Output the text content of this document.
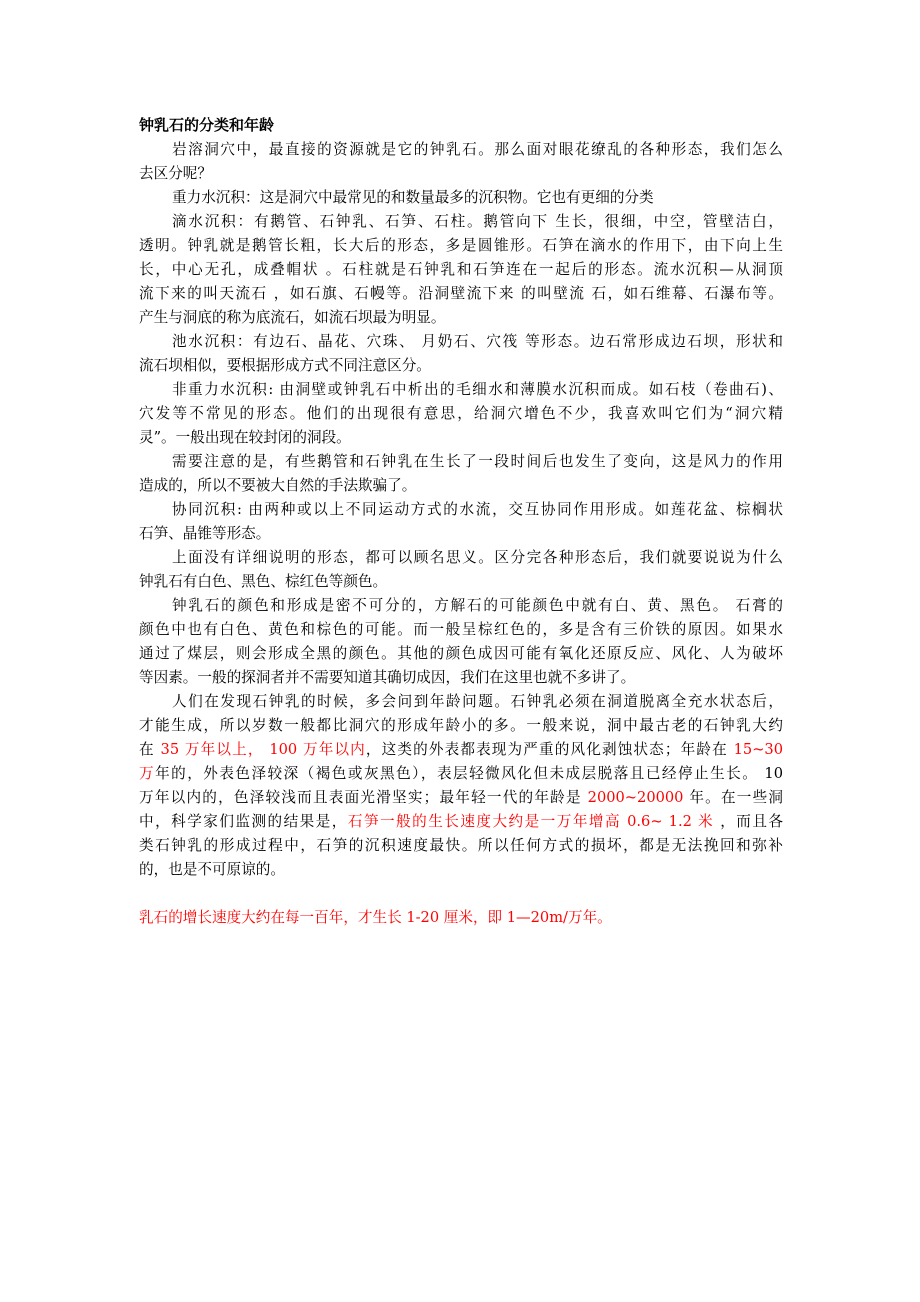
钟乳石的分类和年龄
岩溶洞穴中，最直接的资源就是它的钟乳石。那么面对眼花缭乱的各种形态，我们怎么
去区分呢？
重力水沉积：这是洞穴中最常见的和数量最多的沉积物。它也有更细的分类
滴水沉积：有鹅管、石钟乳、石笋、石柱。鹅管向下 生长，很细，中空，管壁洁白，
透明。钟乳就是鹅管长粗，长大后的形态，多是圆锥形。石笋在滴水的作用下，由下向上生
长，中心无孔，成叠帽状 。石柱就是石钟乳和石笋连在一起后的形态。流水沉积—从洞顶
流下来的叫天流石 ，如石旗、石幔等。沿洞壁流下来 的叫壁流 石，如石维幕、石瀑布等。
产生与洞底的称为底流石，如流石坝最为明显。
池水沉积：有边石、晶花、穴珠、 月奶石、穴筏 等形态。边石常形成边石坝，形状和
流石坝相似，要根据形成方式不同注意区分。
非重力水沉积: 由洞壁或钟乳石中析出的毛细水和薄膜水沉积而成。如石枝（卷曲石)、
穴发等不常见的形态。他们的出现很有意思，给洞穴增色不少，我喜欢叫它们为“洞穴精
灵”。一般出现在较封闭的洞段。
需要注意的是，有些鹅管和石钟乳在生长了一段时间后也发生了变向，这是风力的作用
造成的，所以不要被大自然的手法欺骗了。
协同沉积: 由两种或以上不同运动方式的水流，交互协同作用形成。如莲花盆、棕榈状
石笋、晶锥等形态。
上面没有详细说明的形态，都可以顾名思义。区分完各种形态后，我们就要说说为什么
钟乳石有白色、黑色、棕红色等颜色。
钟乳石的颜色和形成是密不可分的，方解石的可能颜色中就有白、黄、黑色。 石膏的
颜色中也有白色、黄色和棕色的可能。而一般呈棕红色的，多是含有三价铁的原因。如果水
通过了煤层，则会形成全黑的颜色。其他的颜色成因可能有氧化还原反应、风化、人为破坏
等因素。一般的探洞者并不需要知道其确切成因，我们在这里也就不多讲了。
人们在发现石钟乳的时候，多会问到年龄问题。石钟乳必须在洞道脱离全充水状态后，
才能生成，所以岁数一般都比洞穴的形成年龄小的多。一般来说，洞中最古老的石钟乳大约
在 35 万年以上， 100 万年以内，这类的外表都表现为严重的风化剥蚀状态；年龄在 15~30
万年的，外表色泽较深（褐色或灰黑色），表层轻微风化但未成层脱落且已经停止生长。 10
万年以内的，色泽较浅而且表面光滑坚实；最年轻一代的年龄是 2000~20000 年。在一些洞
中，科学家们监测的结果是，石笋一般的生长速度大约是一万年增高 0.6~ 1.2 米 ，而且各
类石钟乳的形成过程中，石笋的沉积速度最快。所以任何方式的损坏，都是无法挽回和弥补
的，也是不可原谅的。
乳石的增长速度大约在每一百年，才生长 1-20 厘米，即 1—20m/万年。
